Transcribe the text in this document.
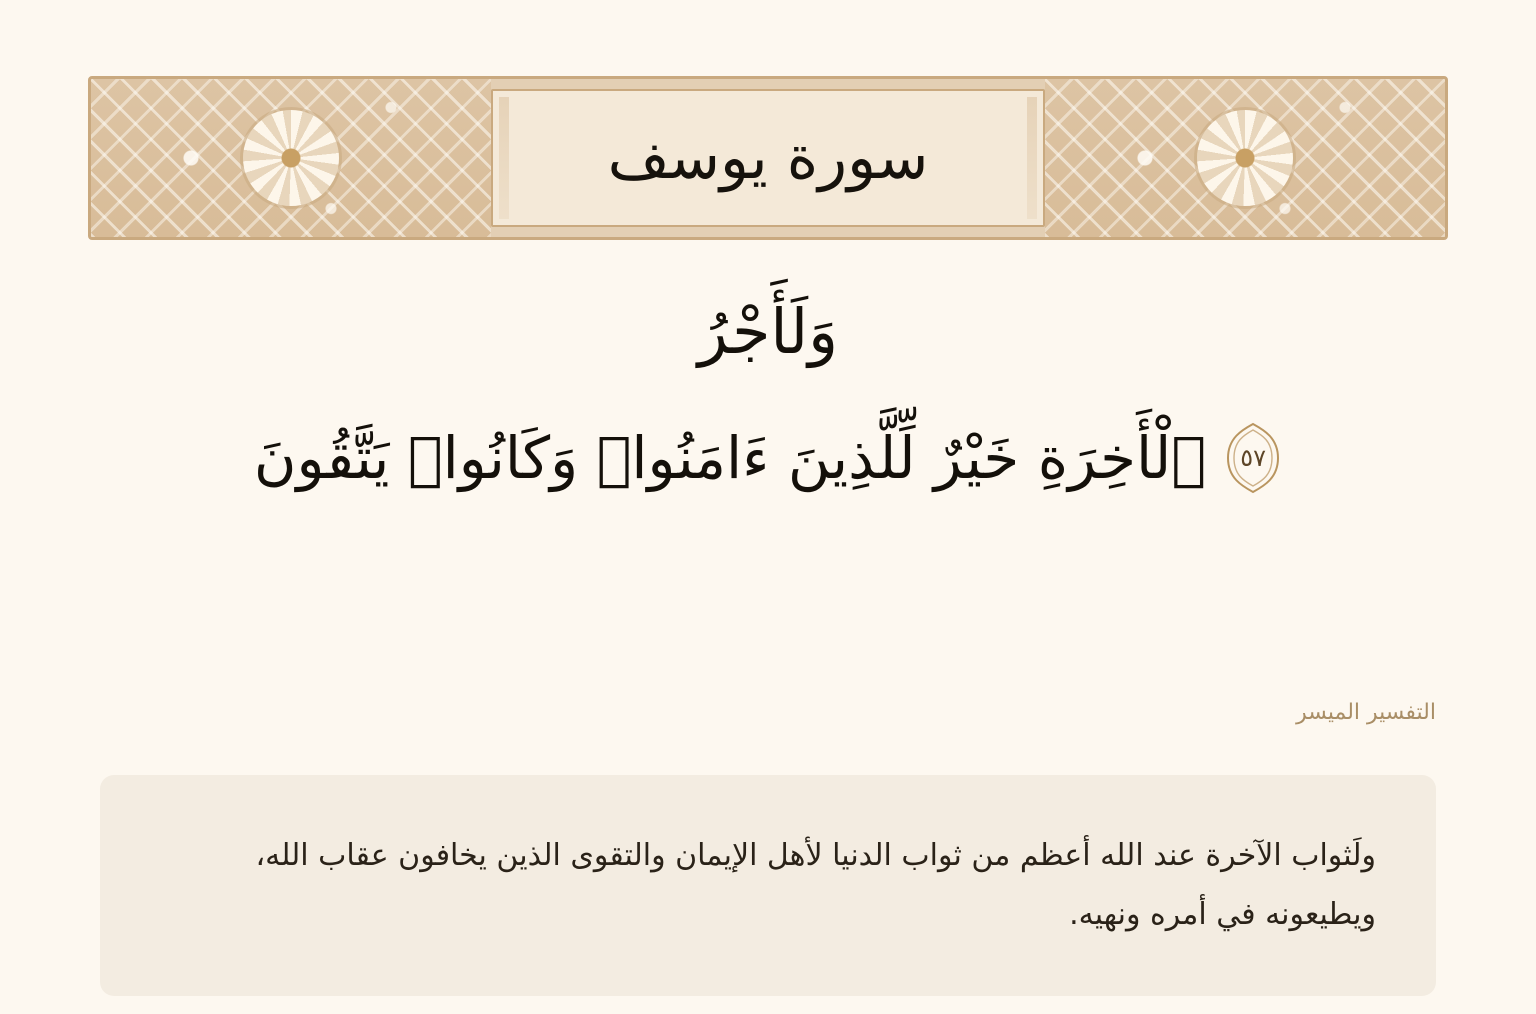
سورة يوسف
وَلَأَجْرُ
٥٧
ٱلْأَخِرَةِ خَيْرٌ لِّلَّذِينَ ءَامَنُوا۟ وَكَانُوا۟ يَتَّقُونَ
التفسير الميسر
ولَثواب الآخرة عند الله أعظم من ثواب الدنيا لأهل الإيمان والتقوى الذين يخافون عقاب الله، ويطيعونه في أمره ونهيه.
